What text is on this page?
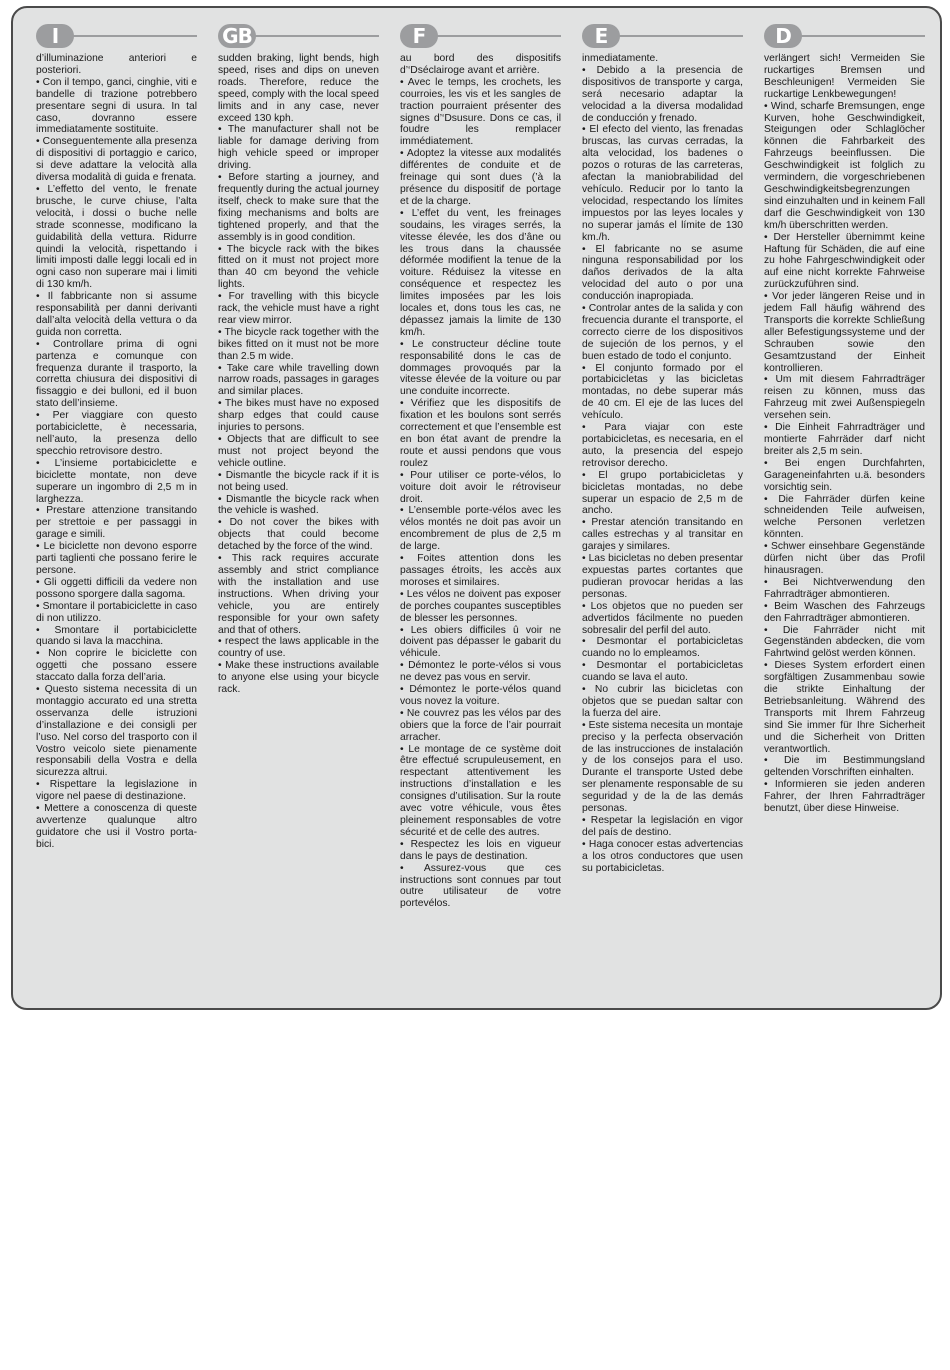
I

d’illuminazione anteriori e posteriori.

• Con il tempo, ganci, cinghie, viti e bandelle di trazione potrebbero presentare segni di usura. In tal caso, dovranno essere immediatamente sostituite.

• Conseguentemente alla presenza di dispositivi di portaggio e carico, si deve adattare la velocità alla diversa modalità di guida e frenata.

• L’effetto del vento, le frenate brusche, le curve chiuse, l’alta velocità, i dossi o buche nelle strade sconnesse, modificano la guidabilità della vettura. Ridurre quindi la velocità, rispettando i limiti imposti dalle leggi locali ed in ogni caso non superare mai i limiti di 130 km/h.

• Il fabbricante non si assume responsabilità per danni derivanti dall’alta velocità della vettura o da guida non corretta.

• Controllare prima di ogni partenza e comunque con frequenza durante il trasporto, la corretta chiusura dei dispositivi di fissaggio e dei bulloni, ed il buon stato dell’insieme.

• Per viaggiare con questo portabiciclette, è necessaria, nell’auto, la presenza dello specchio retrovisore destro.

• L’insieme portabiciclette e biciclette montate, non deve superare un ingombro di 2,5 m in larghezza.

• Prestare attenzione transitando per strettoie e per passaggi in garage e simili.

• Le biciclette non devono esporre parti taglienti che possano ferire le persone.

• Gli oggetti difficili da vedere non possono sporgere dalla sagoma.

• Smontare il portabiciclette in caso di non utilizzo.

• Smontare il portabiciclette quando si lava la macchina.

• Non coprire le biciclette con oggetti che possano essere staccato dalla forza dell’aria.

• Questo sistema necessita di un montaggio accurato ed una stretta osservanza delle istruzioni d’installazione e dei consigli per l’uso. Nel corso del trasporto con il Vostro veicolo siete pienamente responsabili della Vostra e della sicurezza altrui.

• Rispettare la legislazione in vigore nel paese di destinazione.

• Mettere a conoscenza di queste avvertenze qualunque altro guidatore che usi il Vostro porta-bici.

GB

sudden braking, light bends, high speed, rises and dips on uneven roads. Therefore, reduce the speed, comply with the local speed limits and in any case, never exceed 130 kph.

• The manufacturer shall not be liable for damage deriving from high vehicle speed or improper driving.

• Before starting a journey, and frequently during the actual journey itself, check to make sure that the fixing mechanisms and bolts are tightened properly, and that the assembly is in good condition.

• The bicycle rack with the bikes fitted on it must not project more than 40 cm beyond the vehicle lights.

• For travelling with this bicycle rack, the vehicle must have a right rear view mirror.

• The bicycle rack together with the bikes fitted on it must not be more than 2.5 m wide.

• Take care while travelling down narrow roads, passages in garages and similar places.

• The bikes must have no exposed sharp edges that could cause injuries to persons.

• Objects that are difficult to see must not project beyond the vehicle outline.

• Dismantle the bicycle rack if it is not being used.

• Dismantle the bicycle rack when the vehicle is washed.

• Do not cover the bikes with objects that could become detached by the force of the wind.

• This rack requires accurate assembly and strict compliance with the installation and use instructions. When driving your vehicle, you are entirely responsible for your own safety and that of others.

• respect the laws applicable in the country of use.

• Make these instructions available to anyone else using your bicycle rack.

F

au bord des dispositifs d’‘Dséclairoge avant et arrière.

• Avec le temps, les crochets, les courroies, les vis et les sangles de traction pourraient présenter des signes d’‘Dsusure. Dons ce cas, il foudre les remplacer immédiatement.

• Adoptez la vitesse aux modalités différentes de conduite et de freinage qui sont dues (’à la présence du dispositif de portage et de la charge.

• L’effet du vent, les freinages soudains, les virages serrés, la vitesse élevée, les dos d’âne ou les trous dans la chaussée déformée modifient la tenue de la voiture. Réduisez la vitesse en conséquence et respectez les limites imposées par les lois locales et, dons tous les cas, ne dépassez jamais la limite de 130 km/h.

• Le constructeur décline toute responsabilité dons le cas de dommages provoqués par la vitesse élevée de la voiture ou par une conduite incorrecte.

• Vérifiez que les dispositifs de fixation et les boulons sont serrés correctement et que l’ensemble est en bon état avant de prendre la route et aussi pendons que vous roulez

• Pour utiliser ce porte-vélos, lo voiture doit avoir le rétroviseur droit.

• L’ensemble porte-vélos avec les vélos montés ne doit pas avoir un encombrement de plus de 2,5 m de large.

• Foites attention dons les passages étroits, les accès aux moroses et similaires.

• Les vélos ne doivent pas exposer de porches coupantes susceptibles de blesser les personnes.

• Les obiers difficiles û voir ne doivent pas dépasser le gabarit du véhicule.

• Démontez le porte-vélos si vous ne devez pas vous en servir.

• Démontez le porte-vélos quand vous novez la voiture.

• Ne couvrez pas les vélos par des obiers que la force de l’air pourrait arracher.

• Le montage de ce système doit être effectué scrupuleusement, en respectant attentivement les instructions d’installation e les consignes d’utilisation. Sur la route avec votre véhicule, vous êtes pleinement responsables de votre sécurité et de celle des autres.

• Respectez les lois en vigueur dans le pays de destination.

• Assurez-vous que ces instructions sont connues par tout outre utilisateur de votre portevélos.

E

inmediatamente.

• Debido a la presencia de dispositivos de transporte y carga, será necesario adaptar la velocidad a la diversa modalidad de conducción y frenado.

• El efecto del viento, las frenadas bruscas, las curvas cerradas, la alta velocidad, los badenes o pozos o roturas de las carreteras, afectan la maniobrabilidad del vehículo. Reducir por lo tanto la velocidad, respectando los límites impuestos por las leyes locales y no superar jamás el límite de 130 km./h.

• El fabricante no se asume ninguna responsabilidad por los daños derivados de la alta velocidad del auto o por una conducción inapropiada.

• Controlar antes de la salida y con frecuencia durante el transporte, el correcto cierre de los dispositivos de sujeción de los pernos, y el buen estado de todo el conjunto.

• El conjunto formado por el portabicicletas y las bicicletas montadas, no debe superar más de 40 cm. El eje de las luces del vehículo.

• Para viajar con este portabicicletas, es necesaria, en el auto, la presencia del espejo retrovisor derecho.

• El grupo portabicicletas y bicicletas montadas, no debe superar un espacio de 2,5 m de ancho.

• Prestar atención transitando en calles estrechas y al transitar en garajes y similares.

• Las bicicletas no deben presentar expuestas partes cortantes que pudieran provocar heridas a las personas.

• Los objetos que no pueden ser advertidos fácilmente no pueden sobresalir del perfil del auto.

• Desmontar el portabicicletas cuando no lo empleamos.

• Desmontar el portabicicletas cuando se lava el auto.

• No cubrir las bicicletas con objetos que se puedan saltar con la fuerza del aire.

• Este sistema necesita un montaje preciso y la perfecta observación de las instrucciones de instalación y de los consejos para el uso. Durante el transporte Usted debe ser plenamente responsable de su seguridad y de la de las demás personas.

• Respetar la legislación en vigor del país de destino.

• Haga conocer estas advertencias a los otros conductores que usen su portabicicletas.

D

verlängert sich! Vermeiden Sie ruckartiges Bremsen und Beschleunigen! Vermeiden Sie ruckartige Lenkbewegungen!

• Wind, scharfe Bremsungen, enge Kurven, hohe Geschwindigkeit, Steigungen oder Schlaglöcher können die Fahrbarkeit des Fahrzeugs beeinflussen. Die Geschwindigkeit ist folglich zu vermindern, die vorgeschriebenen Geschwindigkeitsbegrenzungen sind einzuhalten und in keinem Fall darf die Geschwindigkeit von 130 km/h überschritten werden.

• Der Hersteller übernimmt keine Haftung für Schäden, die auf eine zu hohe Fahrgeschwindigkeit oder auf eine nicht korrekte Fahrweise zurückzuführen sind.

• Vor jeder längeren Reise und in jedem Fall häufig während des Transports die korrekte Schließung aller Befestigungssysteme und der Schrauben sowie den Gesamtzustand der Einheit kontrollieren.

• Um mit diesem Fahrradträger reisen zu können, muss das Fahrzeug mit zwei Außenspiegeln versehen sein.

• Die Einheit Fahrradträger und montierte Fahrräder darf nicht breiter als 2,5 m sein.

• Bei engen Durchfahrten, Garageneinfahrten u.ä. besonders vorsichtig sein.

• Die Fahrräder dürfen keine schneidenden Teile aufweisen, welche Personen verletzen könnten.

• Schwer einsehbare Gegenstände dürfen nicht über das Profil hinausragen.

• Bei Nichtverwendung den Fahrradträger abmontieren.

• Beim Waschen des Fahrzeugs den Fahrradträger abmontieren.

• Die Fahrräder nicht mit Gegenständen abdecken, die vom Fahrtwind gelöst werden können.

• Dieses System erfordert einen sorgfältigen Zusammenbau sowie die strikte Einhaltung der Betriebsanleitung. Während des Transports mit Ihrem Fahrzeug sind Sie immer für Ihre Sicherheit und die Sicherheit von Dritten verantwortlich.

• Die im Bestimmungsland geltenden Vorschriften einhalten.

• Informieren sie jeden anderen Fahrer, der Ihren Fahrradträger benutzt, über diese Hinweise.
